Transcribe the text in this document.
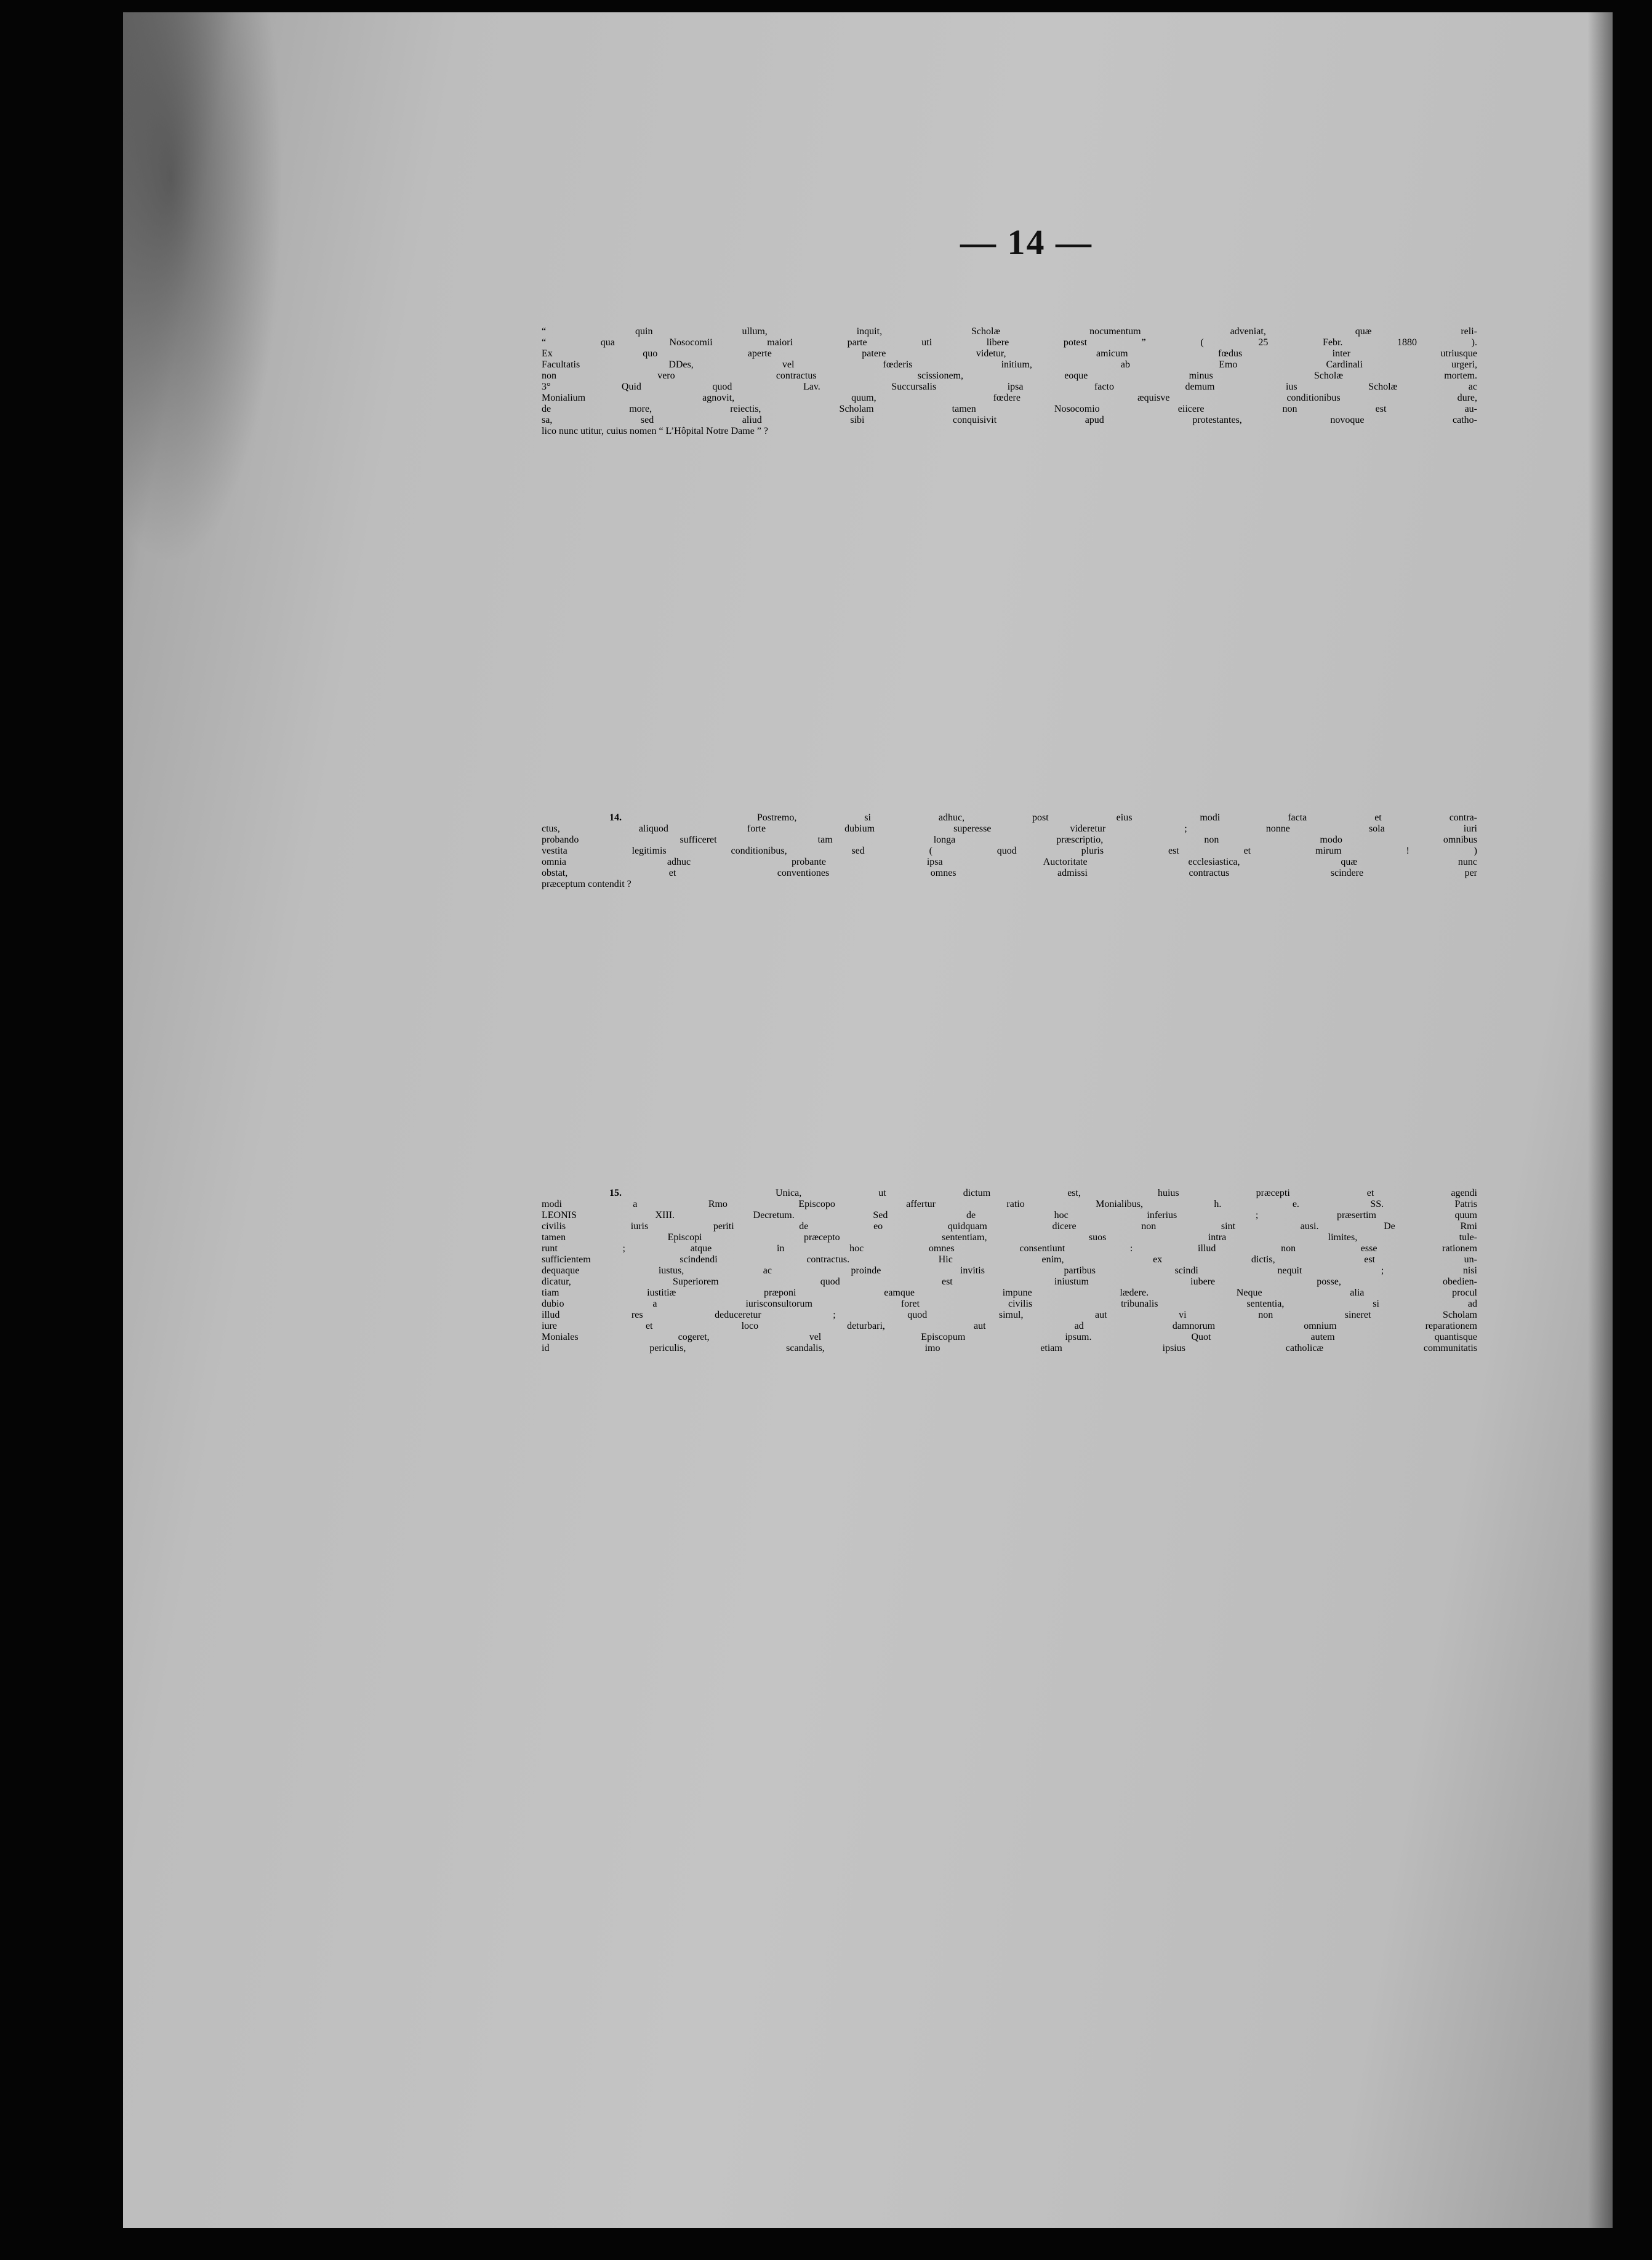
— 14 —
“ quin ullum, inquit, Scholæ nocumentum adveniat, quæ reli-
“ qua Nosocomii maiori parte uti libere potest ” ( 25 Febr. 1880 ).
Ex quo aperte patere videtur, amicum fœdus inter utriusque
Facultatis DDes, vel fœderis initium, ab Emo Cardinali urgeri,
non vero contractus scissionem, eoque minus Scholæ mortem.
3° Quid quod Lav. Succursalis ipsa facto demum ius Scholæ ac
Monialium agnovit, quum, fœdere æquisve conditionibus dure,
de more, reiectis, Scholam tamen Nosocomio eiicere non est au-
sa, sed aliud sibi conquisivit apud protestantes, novoque catho-
lico nunc utitur, cuius nomen “ L’Hôpital Notre Dame ” ?
14.	Postremo, si adhuc, post eius modi facta et contra-
ctus, aliquod forte dubium superesse videretur ; nonne sola iuri
probando sufficeret tam longa præscriptio, non modo omnibus
vestita legitimis conditionibus, sed ( quod pluris est et mirum ! )
omnia adhuc probante ipsa Auctoritate ecclesiastica, quæ nunc
obstat, et conventiones omnes admissi contractus scindere per
præceptum contendit ?
15.	Unica, ut dictum est, huius præcepti et agendi
modi a Rmo Episcopo affertur ratio Monialibus, h. e. SS. Patris
LEONIS XIII. Decretum. Sed de hoc inferius ; præsertim quum
civilis iuris periti de eo quidquam dicere non sint ausi. De Rmi
tamen Episcopi præcepto sententiam, suos intra limites, tule-
runt ; atque in hoc omnes consentiunt : illud non esse rationem
sufficientem scindendi contractus. Hic enim, ex dictis, est un-
dequaque iustus, ac proinde invitis partibus scindi nequit ; nisi
dicatur, Superiorem quod est iniustum iubere posse, obedien-
tiam iustitiæ præponi eamque impune lædere. Neque alia procul
dubio a iurisconsultorum foret civilis tribunalis sententia, si ad
illud res deduceretur ; quod simul, aut vi non sineret Scholam
iure et loco deturbari, aut ad damnorum omnium reparationem
Moniales cogeret, vel Episcopum ipsum. Quot autem quantisque
id periculis, scandalis, imo etiam ipsius catholicæ communitatis
